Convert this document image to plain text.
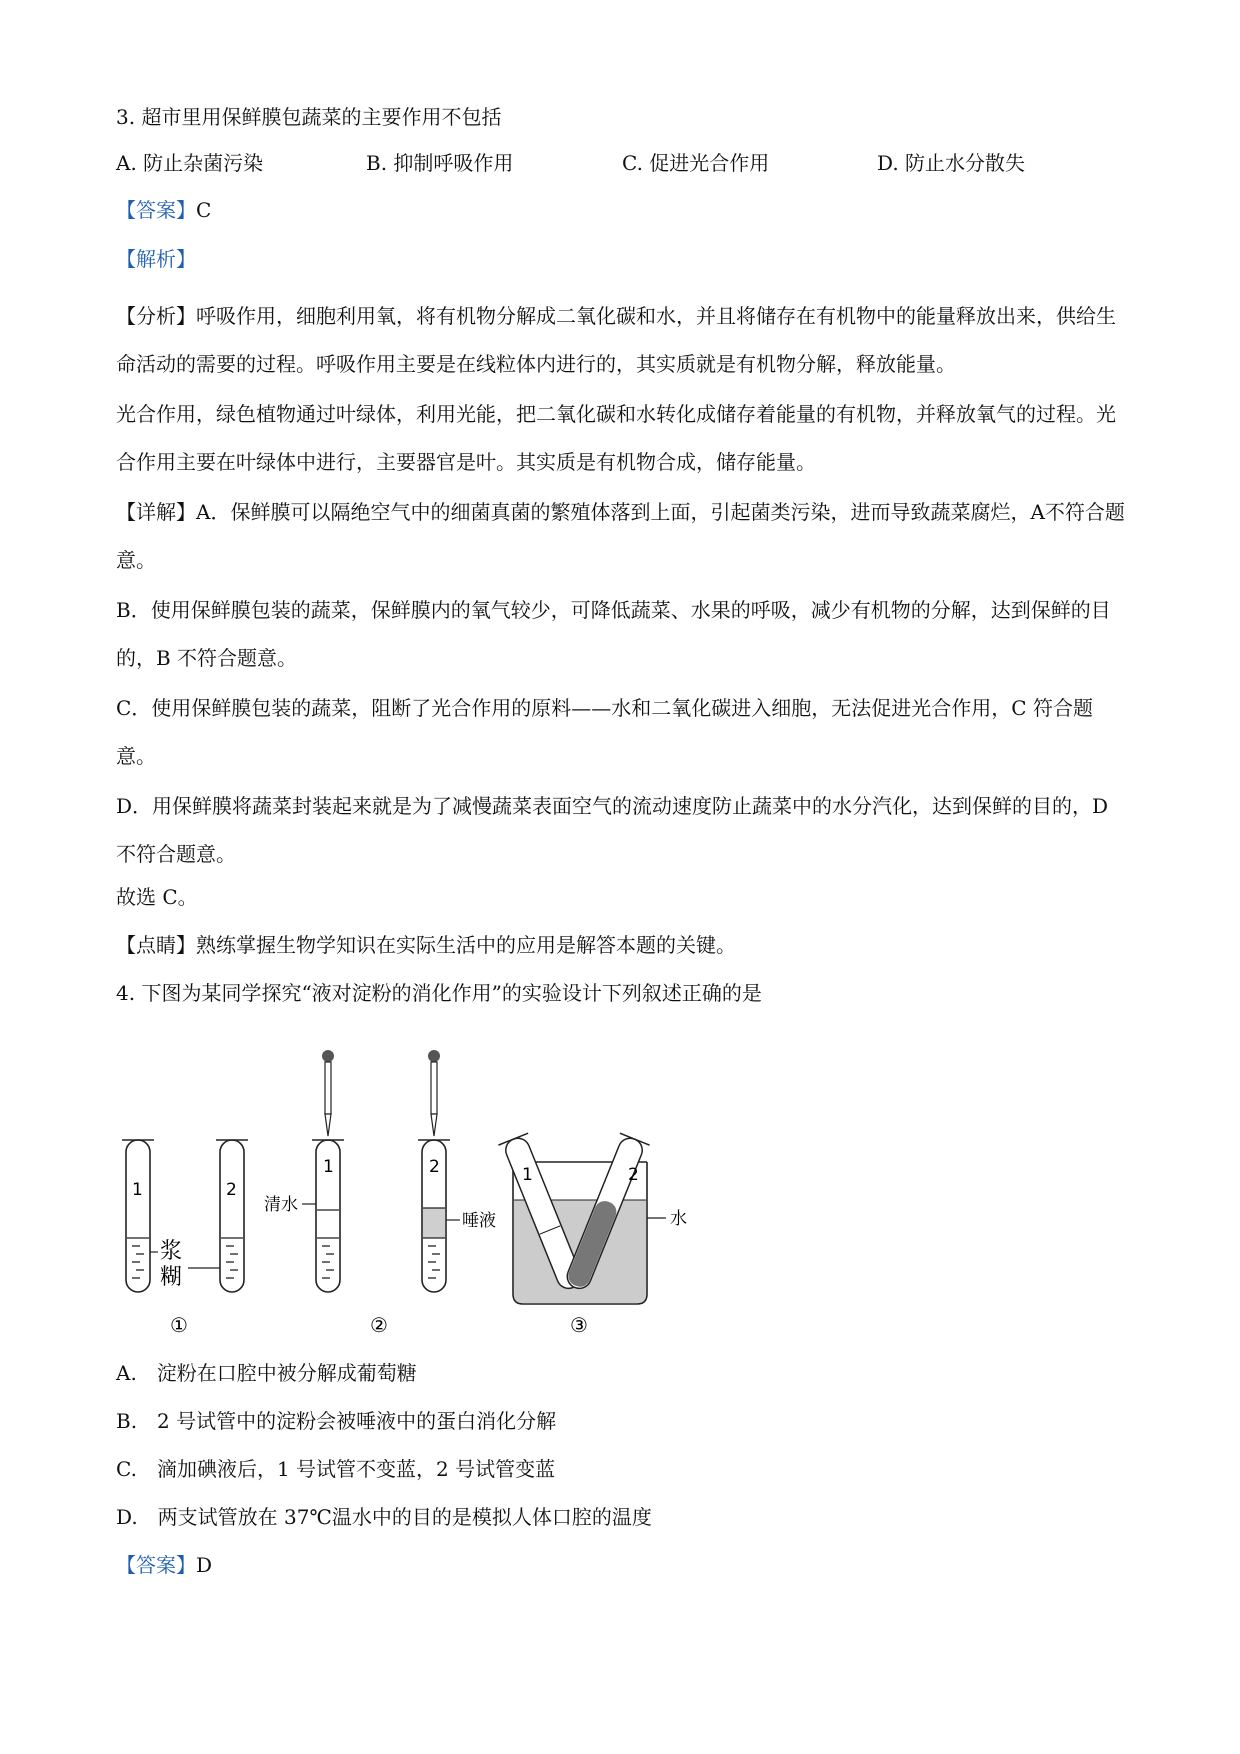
3. 超市里用保鲜膜包蔬菜的主要作用不包括
A. 防止杂菌污染	B. 抑制呼吸作用	C. 促进光合作用	D. 防止水分散失
【答案】C
【解析】
【分析】呼吸作用，细胞利用氧，将有机物分解成二氧化碳和水，并且将储存在有机物中的能量释放出来，供给生命活动的需要的过程。呼吸作用主要是在线粒体内进行的，其实质就是有机物分解，释放能量。
光合作用，绿色植物通过叶绿体，利用光能，把二氧化碳和水转化成储存着能量的有机物，并释放氧气的过程。光合作用主要在叶绿体中进行，主要器官是叶。其实质是有机物合成，储存能量。
【详解】A．保鲜膜可以隔绝空气中的细菌真菌的繁殖体落到上面，引起菌类污染，进而导致蔬菜腐烂，A不符合题意。
B．使用保鲜膜包装的蔬菜，保鲜膜内的氧气较少，可降低蔬菜、水果的呼吸，减少有机物的分解，达到保鲜的目的，B 不符合题意。
C．使用保鲜膜包装的蔬菜，阻断了光合作用的原料——水和二氧化碳进入细胞，无法促进光合作用，C 符合题意。
D．用保鲜膜将蔬菜封装起来就是为了减慢蔬菜表面空气的流动速度防止蔬菜中的水分汽化，达到保鲜的目的，D 不符合题意。
故选 C。
【点睛】熟练掌握生物学知识在实际生活中的应用是解答本题的关键。
4. 下图为某同学探究“液对淀粉的消化作用”的实验设计下列叙述正确的是
1	2
浆
糊
1
清水
2
唾液
1	2
水
①	②	③
A.　淀粉在口腔中被分解成葡萄糖
B.　2 号试管中的淀粉会被唾液中的蛋白消化分解
C.　滴加碘液后，1 号试管不变蓝，2 号试管变蓝
D.　两支试管放在 37℃温水中的目的是模拟人体口腔的温度
【答案】D
